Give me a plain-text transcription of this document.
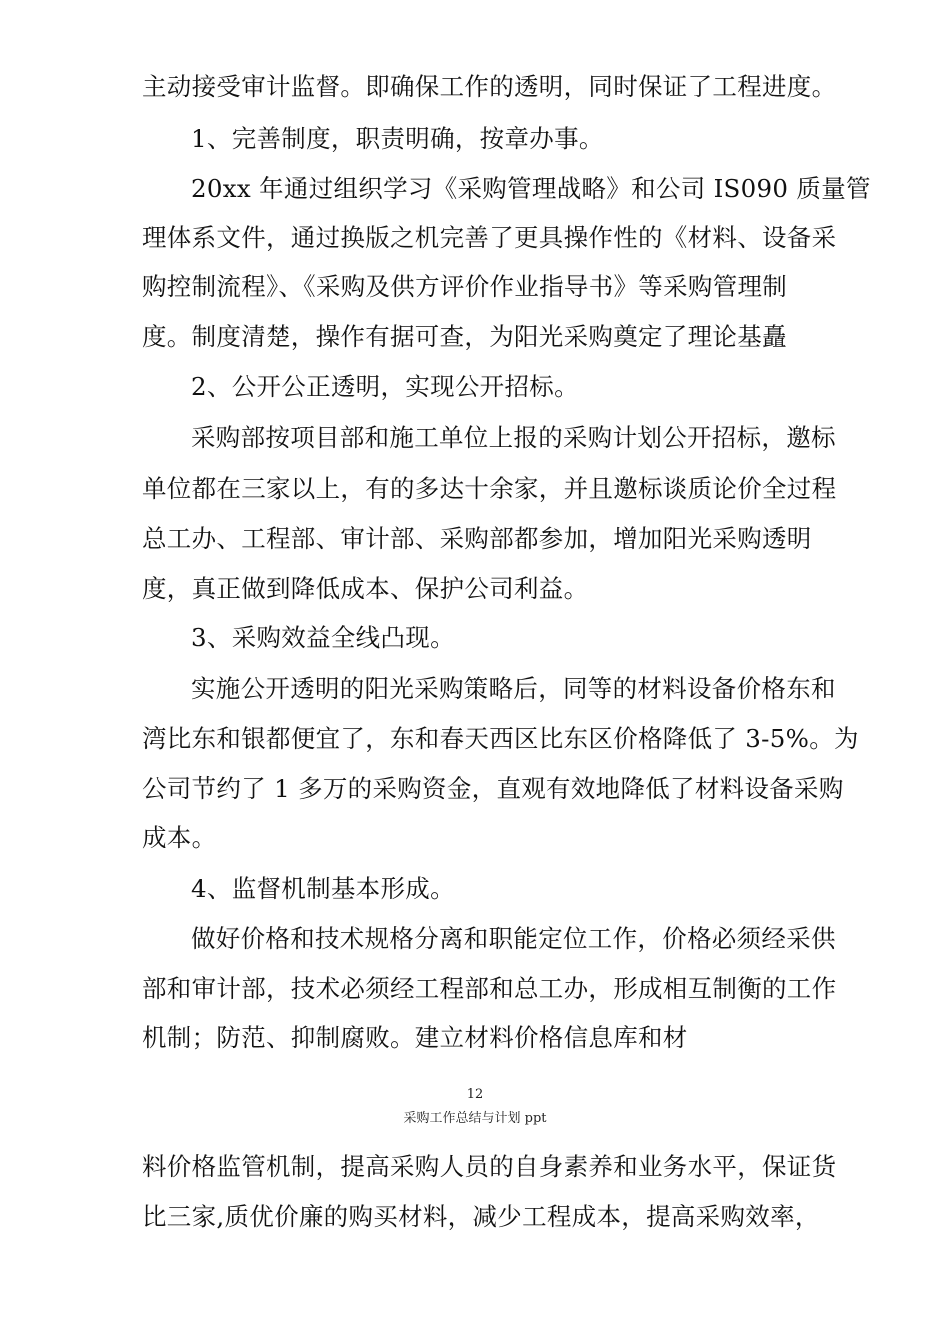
主动接受审计监督。即确保工作的透明，同时保证了工程进度。
1、完善制度，职责明确，按章办事。
20xx 年通过组织学习《采购管理战略》和公司 IS090 质量管
理体系文件，通过换版之机完善了更具操作性的《材料、设备采
购控制流程》、《采购及供方评价作业指导书》等采购管理制
度。制度清楚，操作有据可查，为阳光采购奠定了理论基矗
2、公开公正透明，实现公开招标。
采购部按项目部和施工单位上报的采购计划公开招标，邀标
单位都在三家以上，有的多达十余家，并且邀标谈质论价全过程
总工办、工程部、审计部、采购部都参加，增加阳光采购透明
度，真正做到降低成本、保护公司利益。
3、采购效益全线凸现。
实施公开透明的阳光采购策略后，同等的材料设备价格东和
湾比东和银都便宜了，东和春天西区比东区价格降低了 3-5%。为
公司节约了 1 多万的采购资金，直观有效地降低了材料设备采购
成本。
4、监督机制基本形成。
做好价格和技术规格分离和职能定位工作，价格必须经采供
部和审计部，技术必须经工程部和总工办，形成相互制衡的工作
机制；防范、抑制腐败。建立材料价格信息库和材
12
采购工作总结与计划 ppt
料价格监管机制，提高采购人员的自身素养和业务水平，保证货
比三家,质优价廉的购买材料，减少工程成本，提高采购效率，
